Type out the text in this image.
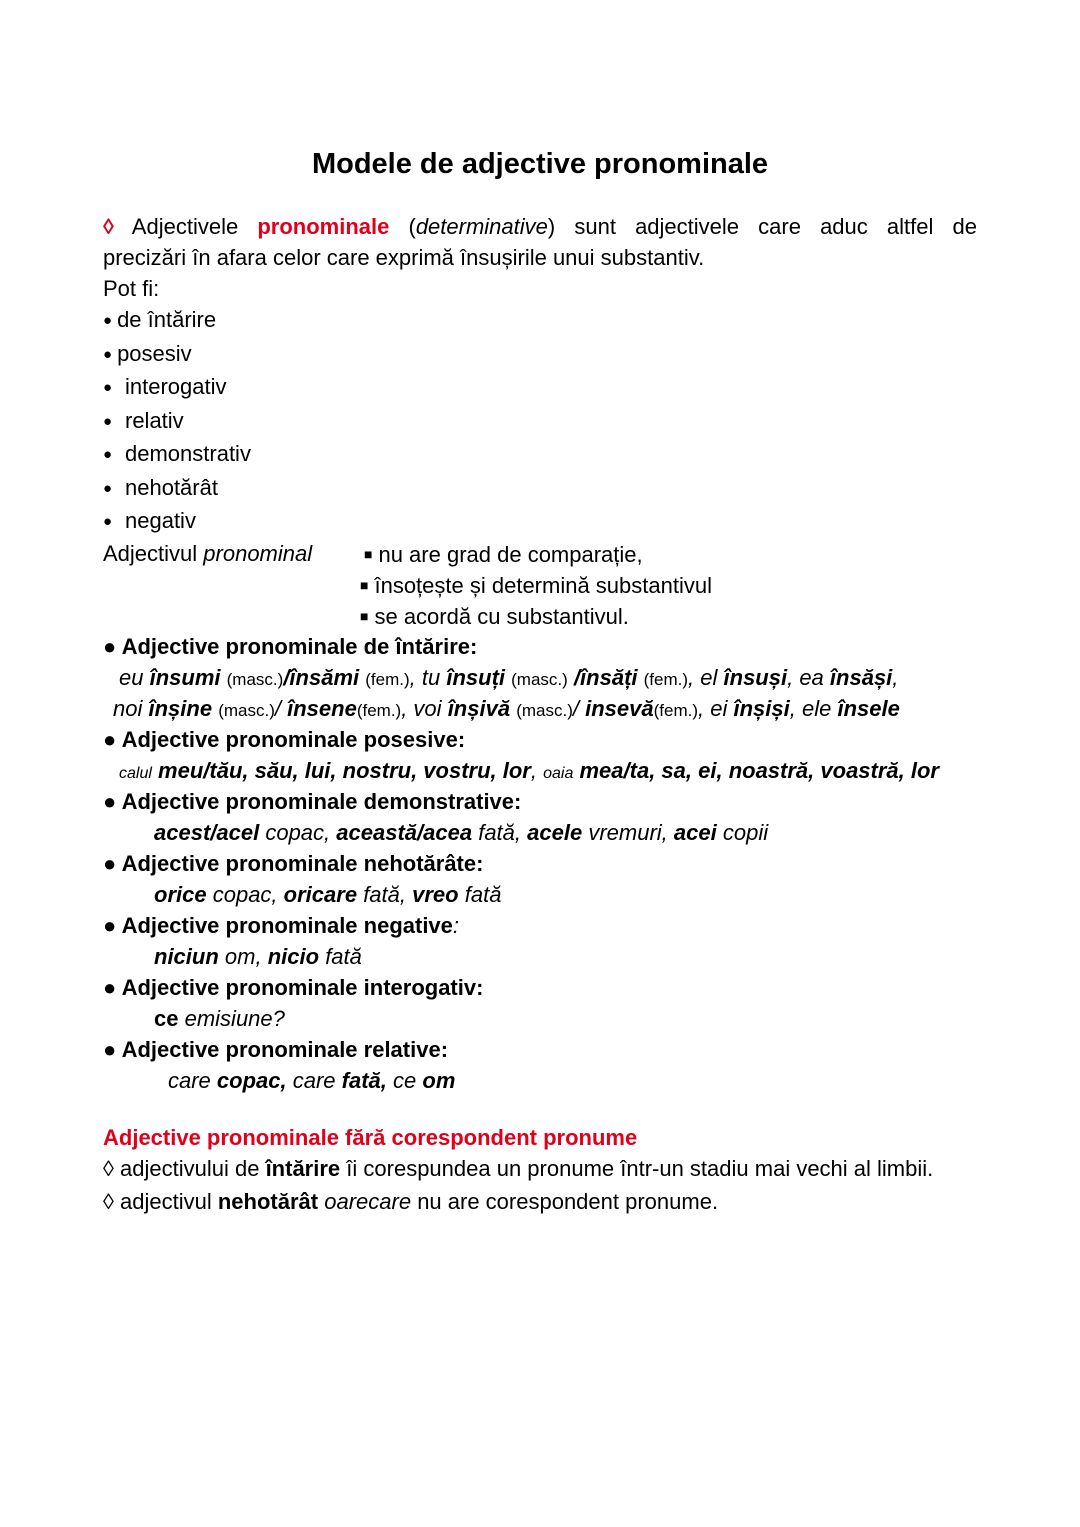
Modele de adjective pronominale
◊ Adjectivele pronominale (determinative) sunt adjectivele care aduc altfel de
precizări în afara celor care exprimă însușirile unui substantiv.
Pot fi:
● de întărire
● posesiv
● interogativ
● relativ
● demonstrativ
● nehotărât
● negativ
Adjectivul pronominal	■ nu are grad de comparație,
■ însoțește și determină substantivul
■ se acordă cu substantivul.
● Adjective pronominale de întărire:
eu însumi (masc.)/însămi (fem.), tu însuți (masc.) /însăți (fem.), el însuși, ea însăși,
noi înșine (masc.)/ însene(fem.), voi înșivă (masc.)/ insevă(fem.), ei înșiși, ele însele
● Adjective pronominale posesive:
calul meu/tău, său, lui, nostru, vostru, lor, oaia mea/ta, sa, ei, noastră, voastră, lor
● Adjective pronominale demonstrative:
acest/acel copac, această/acea fată, acele vremuri, acei copii
● Adjective pronominale nehotărâte:
orice copac, oricare fată, vreo fată
● Adjective pronominale negative:
niciun om, nicio fată
● Adjective pronominale interogativ:
ce emisiune?
● Adjective pronominale relative:
care copac, care fată, ce om
Adjective pronominale fără corespondent pronume
◊ adjectivului de întărire îi corespundea un pronume într-un stadiu mai vechi al limbii.
◊ adjectivul nehotărât oarecare nu are corespondent pronume.
